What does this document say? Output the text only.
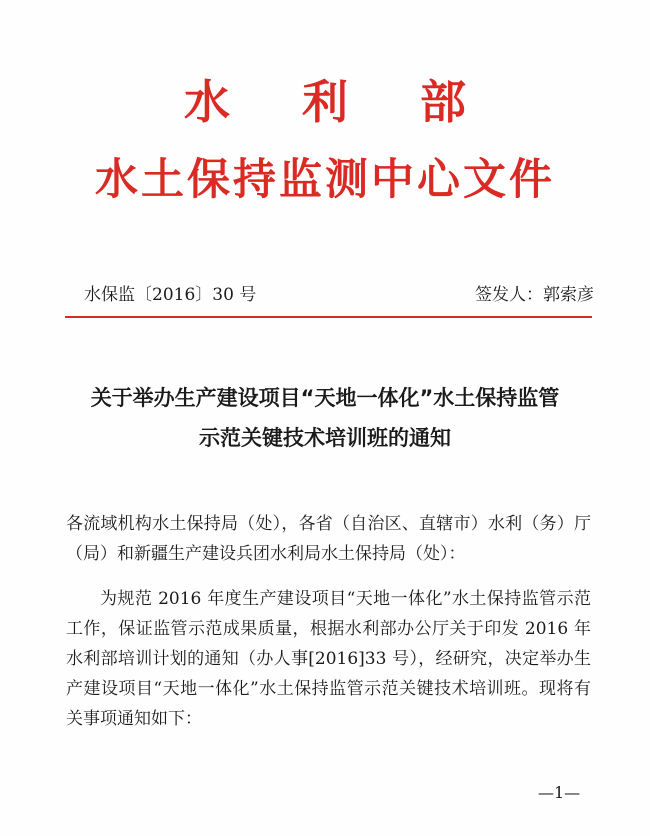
水 利 部
水土保持监测中心文件
水保监〔2016〕30 号	签发人：郭索彦
关于举办生产建设项目“天地一体化”水土保持监管
示范关键技术培训班的通知
各流域机构水土保持局（处），各省（自治区、直辖市）水利（务）厅（局）和新疆生产建设兵团水利局水土保持局（处）：
为规范 2016 年度生产建设项目“天地一体化”水土保持监管示范工作，保证监管示范成果质量，根据水利部办公厅关于印发 2016 年水利部培训计划的通知（办人事[2016]33 号），经研究，决定举办生产建设项目“天地一体化”水土保持监管示范关键技术培训班。现将有关事项通知如下：
—1—
